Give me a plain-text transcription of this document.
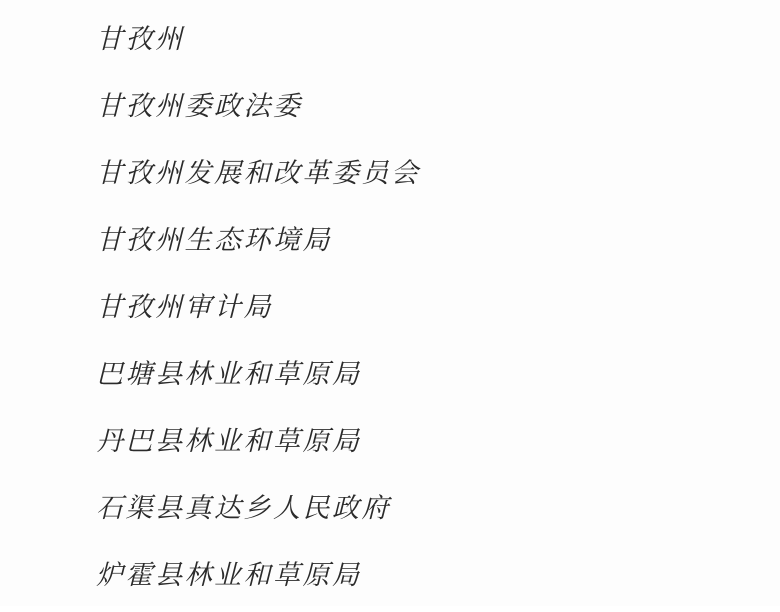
甘孜州
甘孜州委政法委
甘孜州发展和改革委员会
甘孜州生态环境局
甘孜州审计局
巴塘县林业和草原局
丹巴县林业和草原局
石渠县真达乡人民政府
炉霍县林业和草原局
